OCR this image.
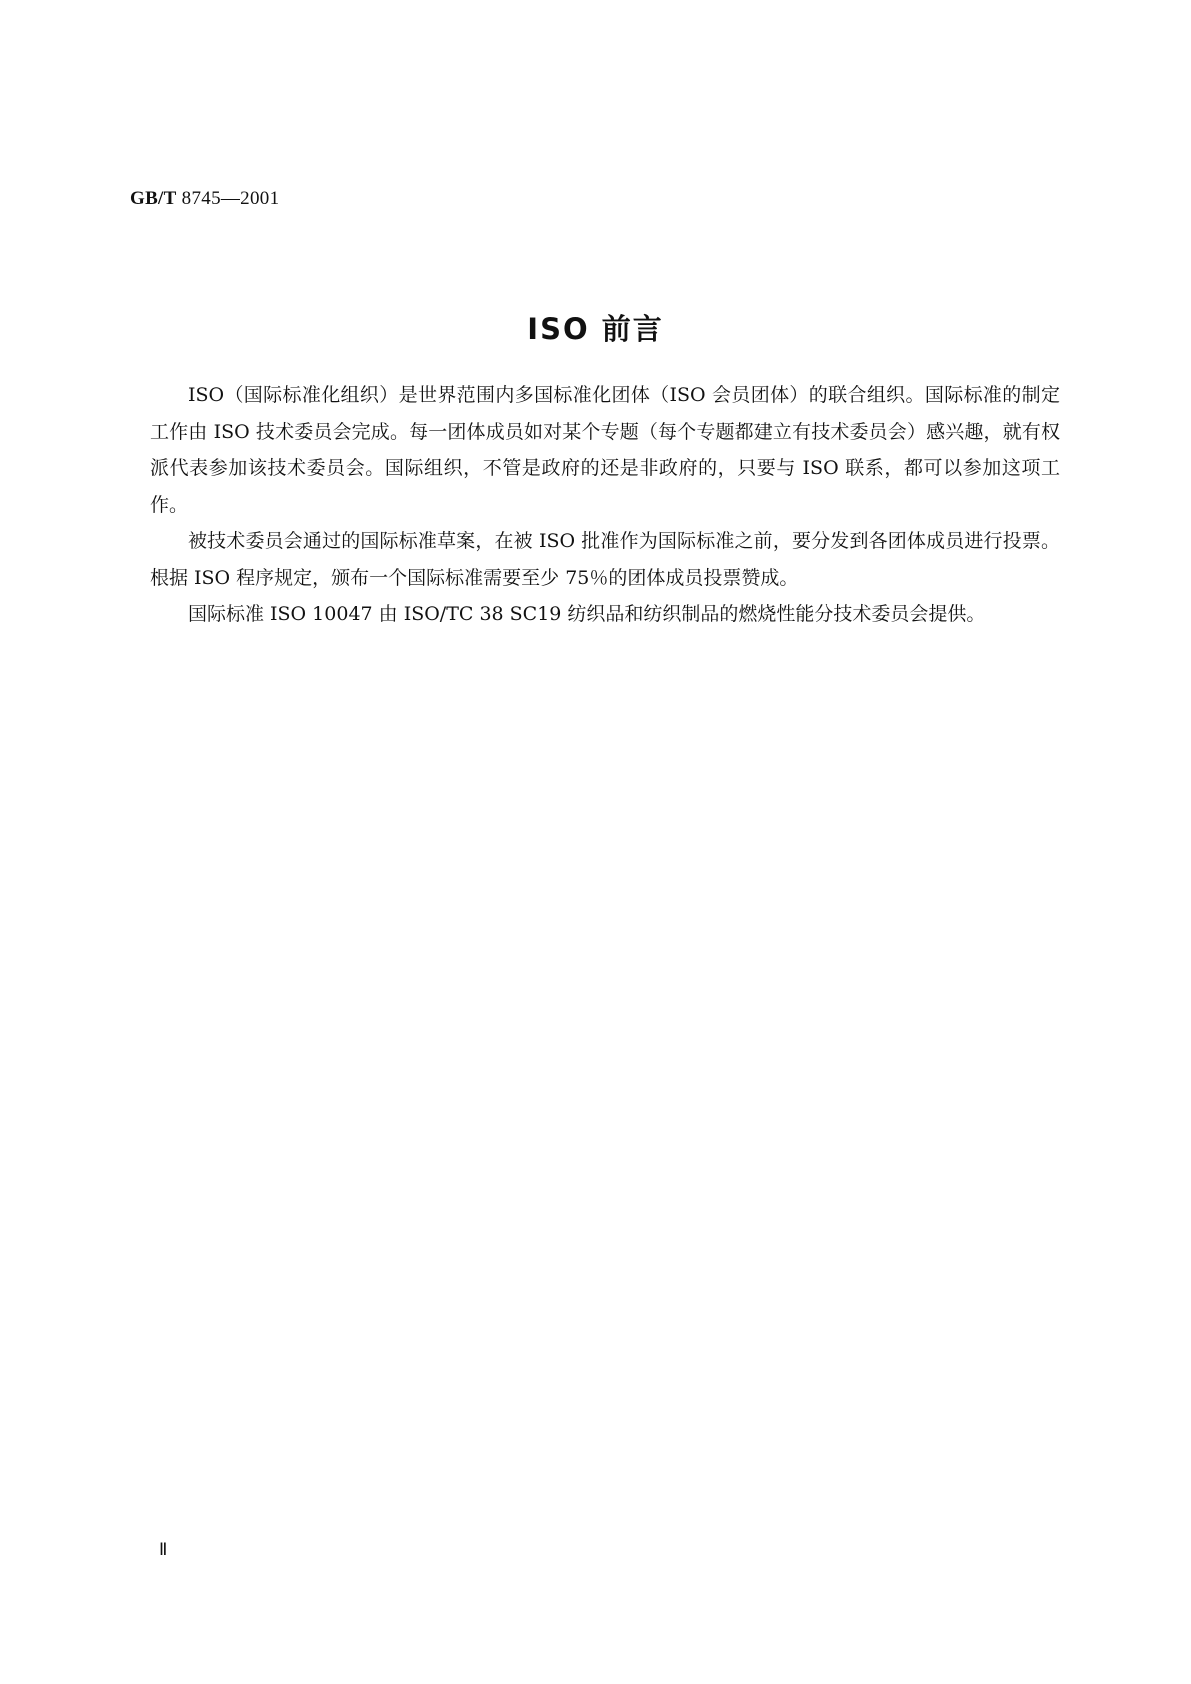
GB/T 8745—2001
ISO 前言

ISO（国际标准化组织）是世界范围内多国标准化团体（ISO 会员团体）的联合组织。国际标准的制定工作由 ISO 技术委员会完成。每一团体成员如对某个专题（每个专题都建立有技术委员会）感兴趣，就有权派代表参加该技术委员会。国际组织，不管是政府的还是非政府的，只要与 ISO 联系，都可以参加这项工作。

被技术委员会通过的国际标准草案，在被 ISO 批准作为国际标准之前，要分发到各团体成员进行投票。根据 ISO 程序规定，颁布一个国际标准需要至少 75％的团体成员投票赞成。

国际标准 ISO 10047 由 ISO/TC 38 SC19 纺织品和纺织制品的燃烧性能分技术委员会提供。

Ⅱ
